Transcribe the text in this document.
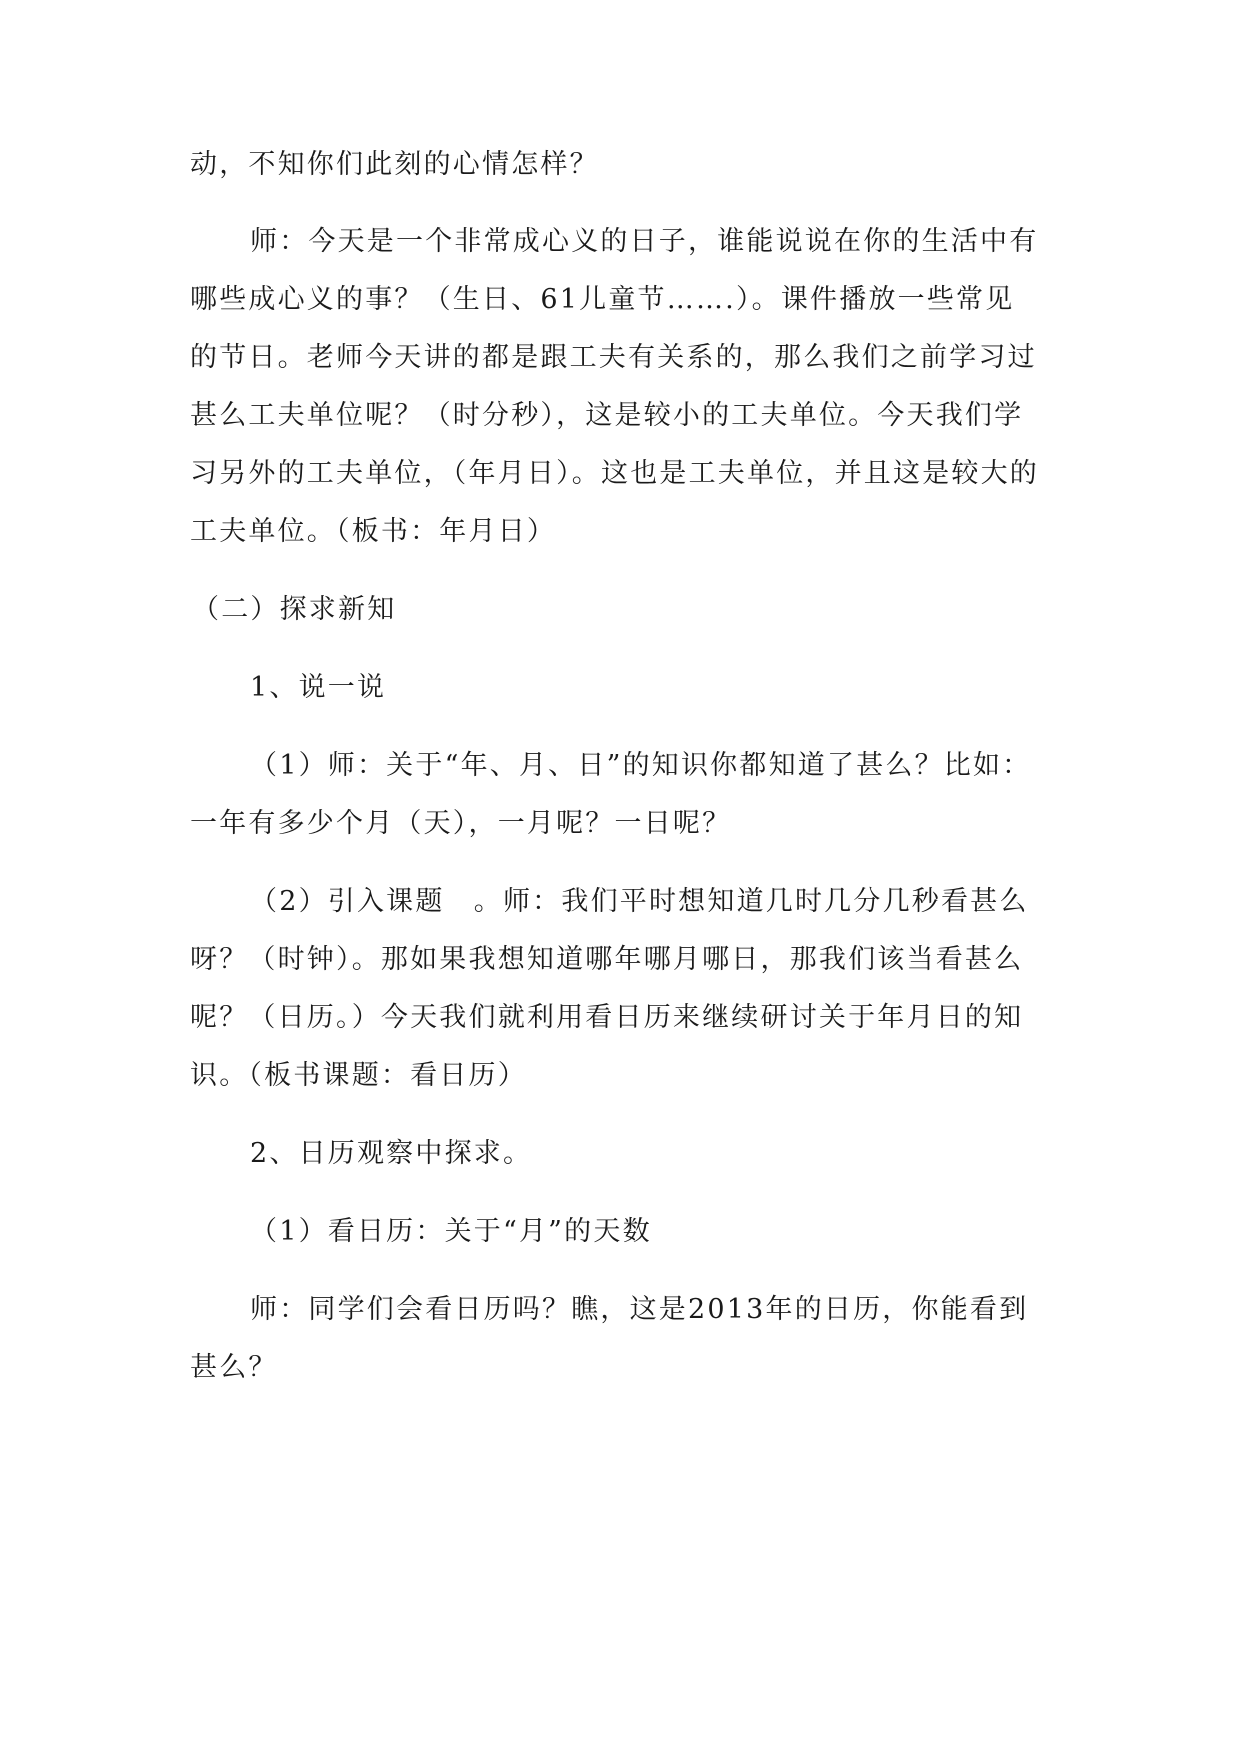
动，不知你们此刻的心情怎样？
师：今天是一个非常成心义的日子，谁能说说在你的生活中有
哪些成心义的事？（生日、61儿童节…….）。课件播放一些常见
的节日。老师今天讲的都是跟工夫有关系的，那么我们之前学习过
甚么工夫单位呢？（时分秒），这是较小的工夫单位。今天我们学
习另外的工夫单位，（年月日）。这也是工夫单位，并且这是较大的
工夫单位。（板书：年月日）
（二）探求新知
1、说一说
（1）师：关于“年、月、日”的知识你都知道了甚么？比如：
一年有多少个月（天），一月呢？一日呢？
（2）引入课题　。师：我们平时想知道几时几分几秒看甚么
呀？（时钟）。那如果我想知道哪年哪月哪日，那我们该当看甚么
呢？（日历。）今天我们就利用看日历来继续研讨关于年月日的知
识。（板书课题：看日历）
2、日历观察中探求。
（1）看日历：关于“月”的天数
师：同学们会看日历吗？瞧，这是2013年的日历，你能看到
甚么？
